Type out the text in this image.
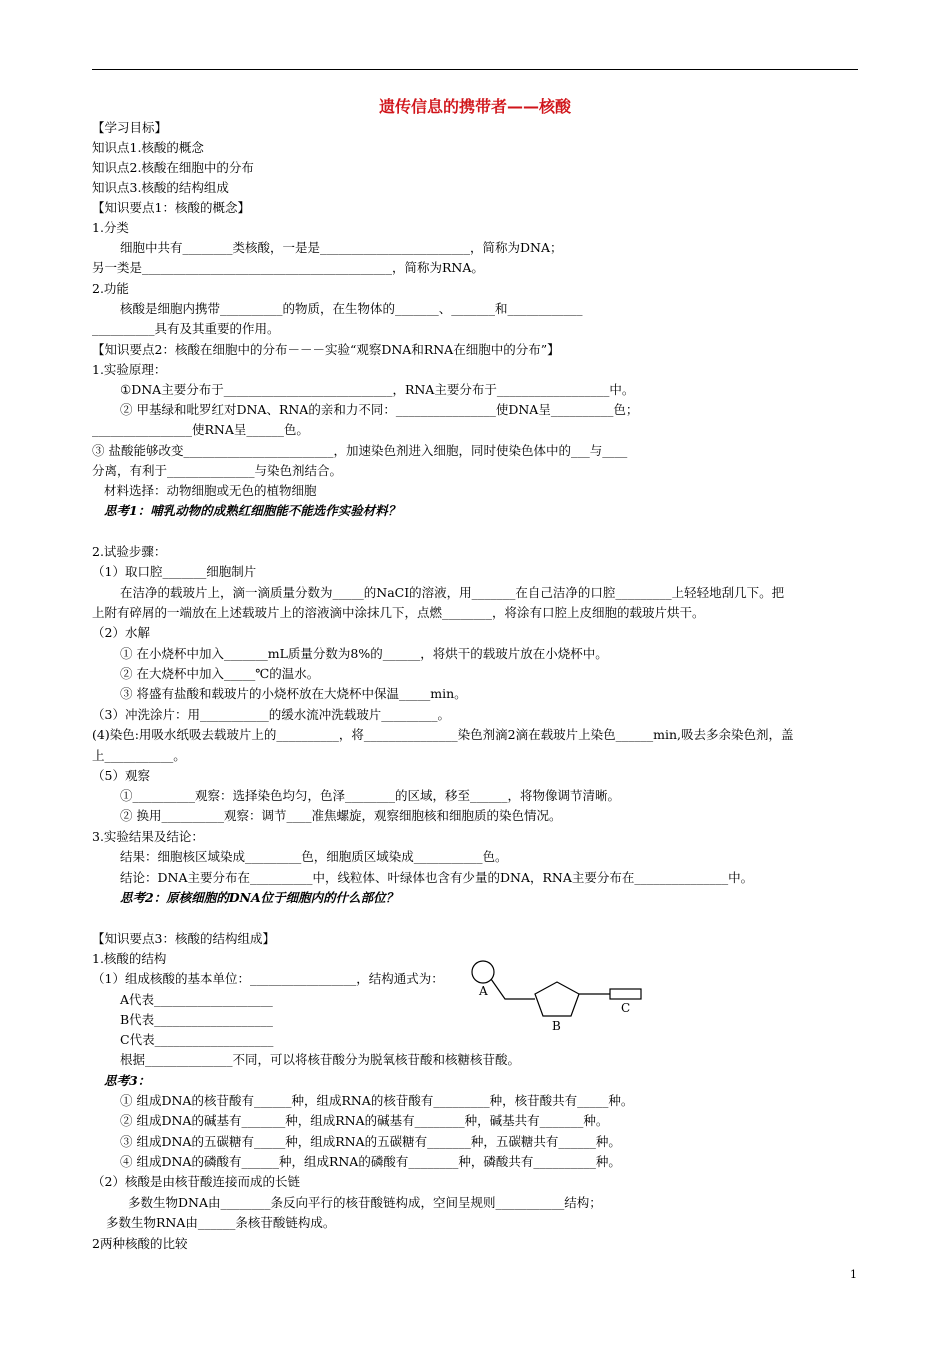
遗传信息的携带者——核酸
【学习目标】
知识点1.核酸的概念
知识点2.核酸在细胞中的分布
知识点3.核酸的结构组成
【知识要点1：核酸的概念】
1.分类
细胞中共有________类核酸，一是是________________________，简称为DNA；
另一类是________________________________________，简称为RNA。
2.功能
核酸是细胞内携带__________的物质，在生物体的_______、_______和____________
__________具有及其重要的作用。
【知识要点2：核酸在细胞中的分布－－－实验“观察DNA和RNA在细胞中的分布”】
1.实验原理：
①DNA主要分布于___________________________，RNA主要分布于__________________中。
② 甲基绿和吡罗红对DNA、RNA的亲和力不同：________________使DNA呈__________色；
________________使RNA呈______色。
③ 盐酸能够改变________________________，加速染色剂进入细胞，同时使染色体中的___与____
分离，有利于______________与染色剂结合。
材料选择：动物细胞或无色的植物细胞
思考1：哺乳动物的成熟红细胞能不能选作实验材料？
2.试验步骤：
（1）取口腔_______细胞制片
在洁净的载玻片上，滴一滴质量分数为_____的NaCI的溶液，用_______在自己洁净的口腔_________上轻轻地刮几下。把
上附有碎屑的一端放在上述载玻片上的溶液滴中涂抹几下，点燃________，将涂有口腔上皮细胞的载玻片烘干。
（2）水解
① 在小烧杯中加入_______mL质量分数为8%的______，将烘干的载玻片放在小烧杯中。
② 在大烧杯中加入_____℃的温水。
③ 将盛有盐酸和载玻片的小烧杯放在大烧杯中保温_____min。
（3）冲洗涂片：用___________的缓水流冲洗载玻片_________。
(4)染色:用吸水纸吸去载玻片上的__________，将_______________染色剂滴2滴在载玻片上染色______min,吸去多余染色剂，盖
上___________。
（5）观察
①__________观察：选择染色均匀，色泽________的区域，移至______，将物像调节清晰。
② 换用__________观察：调节____准焦螺旋，观察细胞核和细胞质的染色情况。
3.实验结果及结论：
结果：细胞核区域染成_________色，细胞质区域染成___________色。
结论：DNA主要分布在__________中，线粒体、叶绿体也含有少量的DNA，RNA主要分布在_______________中。
思考2：原核细胞的DNA位于细胞内的什么部位？
【知识要点3：核酸的结构组成】
1.核酸的结构
（1）组成核酸的基本单位：_________________，结构通式为：
A代表___________________
B代表___________________
C代表___________________
根据______________不同，可以将核苷酸分为脱氧核苷酸和核糖核苷酸。
思考3：
① 组成DNA的核苷酸有______种，组成RNA的核苷酸有_________种，核苷酸共有_____种。
② 组成DNA的碱基有_______种，组成RNA的碱基有________种，碱基共有_______种。
③ 组成DNA的五碳糖有_____种，组成RNA的五碳糖有_______种，五碳糖共有______种。
④ 组成DNA的磷酸有______种，组成RNA的磷酸有________种，磷酸共有__________种。
（2）核酸是由核苷酸连接而成的长链
多数生物DNA由________条反向平行的核苷酸链构成，空间呈规则___________结构；
多数生物RNA由______条核苷酸链构成。
2两种核酸的比较
A
B
C
1
